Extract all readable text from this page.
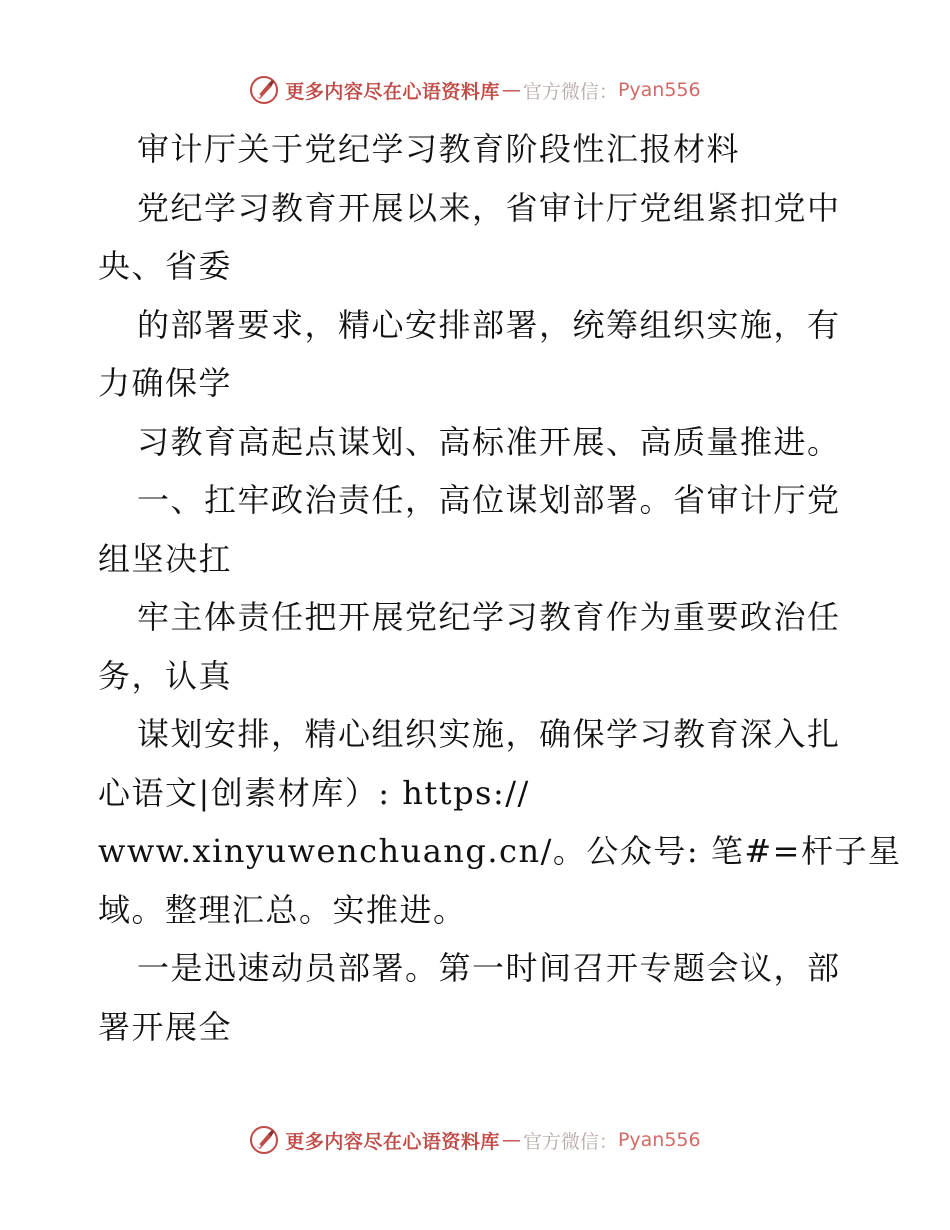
更多内容尽在心语资料库 — 官方微信： Pyan556
审计厅关于党纪学习教育阶段性汇报材料
党纪学习教育开展以来，省审计厅党组紧扣党中
央、省委
的部署要求，精心安排部署，统筹组织实施，有
力确保学
习教育高起点谋划、高标准开展、高质量推进。
一、扛牢政治责任，高位谋划部署。省审计厅党
组坚决扛
牢主体责任把开展党纪学习教育作为重要政治任
务，认真
谋划安排，精心组织实施，确保学习教育深入扎
心语文|创素材库）: https://
www.xinyuwenchuang.cn/。公众号: 笔#=杆子星
域。整理汇总。实推进。
一是迅速动员部署。第一时间召开专题会议，部
署开展全
更多内容尽在心语资料库 — 官方微信： Pyan556
